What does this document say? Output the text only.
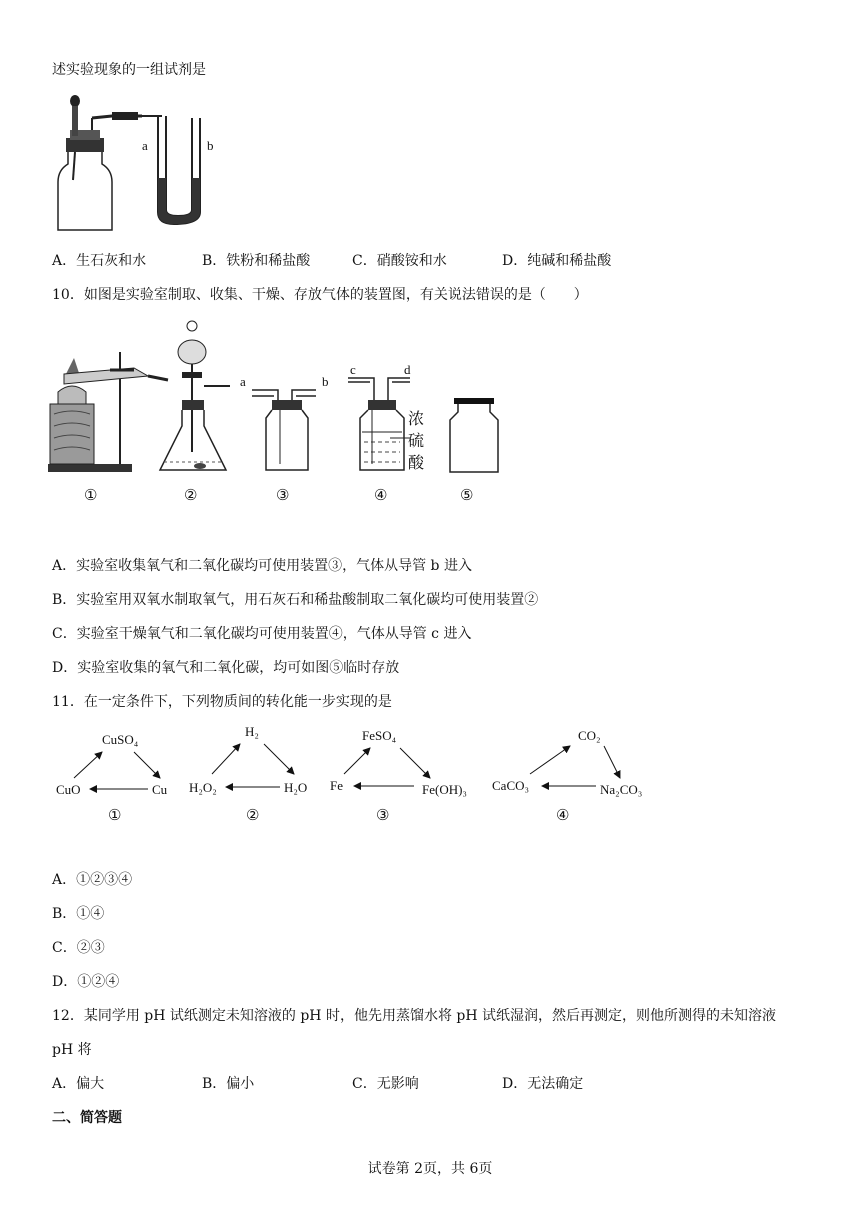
述实验现象的一组试剂是
a	b
A．生石灰和水	B．铁粉和稀盐酸	C．硝酸铵和水	D．纯碱和稀盐酸
10．如图是实验室制取、收集、干燥、存放气体的装置图，有关说法错误的是（　　）
①	②
a	b
③
c	d
浓
硫
酸
④	⑤
A．实验室收集氧气和二氧化碳均可使用装置③，气体从导管 b 进入
B．实验室用双氧水制取氧气，用石灰石和稀盐酸制取二氧化碳均可使用装置②
C．实验室干燥氧气和二氧化碳均可使用装置④，气体从导管 c 进入
D．实验室收集的氧气和二氧化碳，均可如图⑤临时存放
11．在一定条件下，下列物质间的转化能一步实现的是
CuSO₄
CuO	Cu
①
H₂
H₂O₂	H₂O
②
FeSO₄
Fe	Fe(OH)₃
③
CO₂
CaCO₃	Na₂CO₃
④
A．①②③④
B．①④
C．②③
D．①②④
12．某同学用 pH 试纸测定未知溶液的 pH 时，他先用蒸馏水将 pH 试纸湿润，然后再测定，则他所测得的未知溶液
pH 将
A．偏大	B．偏小	C．无影响	D．无法确定
二、简答题
试卷第 2页，共 6页
